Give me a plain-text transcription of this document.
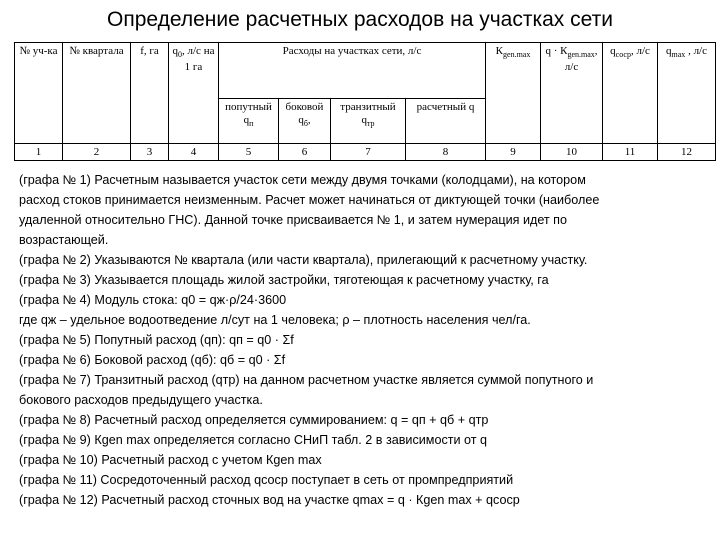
Определение расчетных расходов на участках сети
№ уч-ка	№ квартала	f, га	$q_0$, л/с на 1 га	Расходы на участках сети, л/с				$К_{gen.max}$	$q \cdot К_{gen.max}$, л/с	$q_{соср}$, л/с	$q_{max}$ , л/с
				попутный $q_п$	боковой $q_б$,	транзитный $q_{тр}$	расчетный q				
1	2	3	4	5	6	7	8	9	10	11	12

(графа № 1) Расчетным называется участок сети между двумя точками (колодцами), на котором

расход стоков принимается неизменным. Расчет может начинаться от диктующей точки (наиболее

удаленной относительно ГНС). Данной точке присваивается № 1, и затем нумерация идет по

возрастающей.

(графа № 2) Указываются № квартала (или части квартала), прилегающий к расчетному участку.

(графа № 3) Указывается площадь жилой застройки, тяготеющая к расчетному участку, га

(графа № 4) Модуль стока: q0 = qж·ρ/24·3600

где qж – удельное водоотведение л/сут на 1 человека; ρ – плотность населения чел/га.

(графа № 5) Попутный расход (qп): qп = q0 · Σf

(графа № 6) Боковой расход (qб): qб = q0 · Σf

(графа № 7) Транзитный расход (qтр) на данном расчетном участке является суммой попутного и

бокового расходов предыдущего участка.

(графа № 8) Расчетный расход определяется суммированием: q = qп + qб + qтр

(графа № 9) Кgen max определяется согласно СНиП табл. 2 в зависимости от q

(графа № 10) Расчетный расход с учетом Кgen max

(графа № 11) Сосредоточенный расход qсоср поступает в сеть от промпредприятий

(графа № 12) Расчетный расход сточных вод на участке qmax = q · Кgen max + qсоср
